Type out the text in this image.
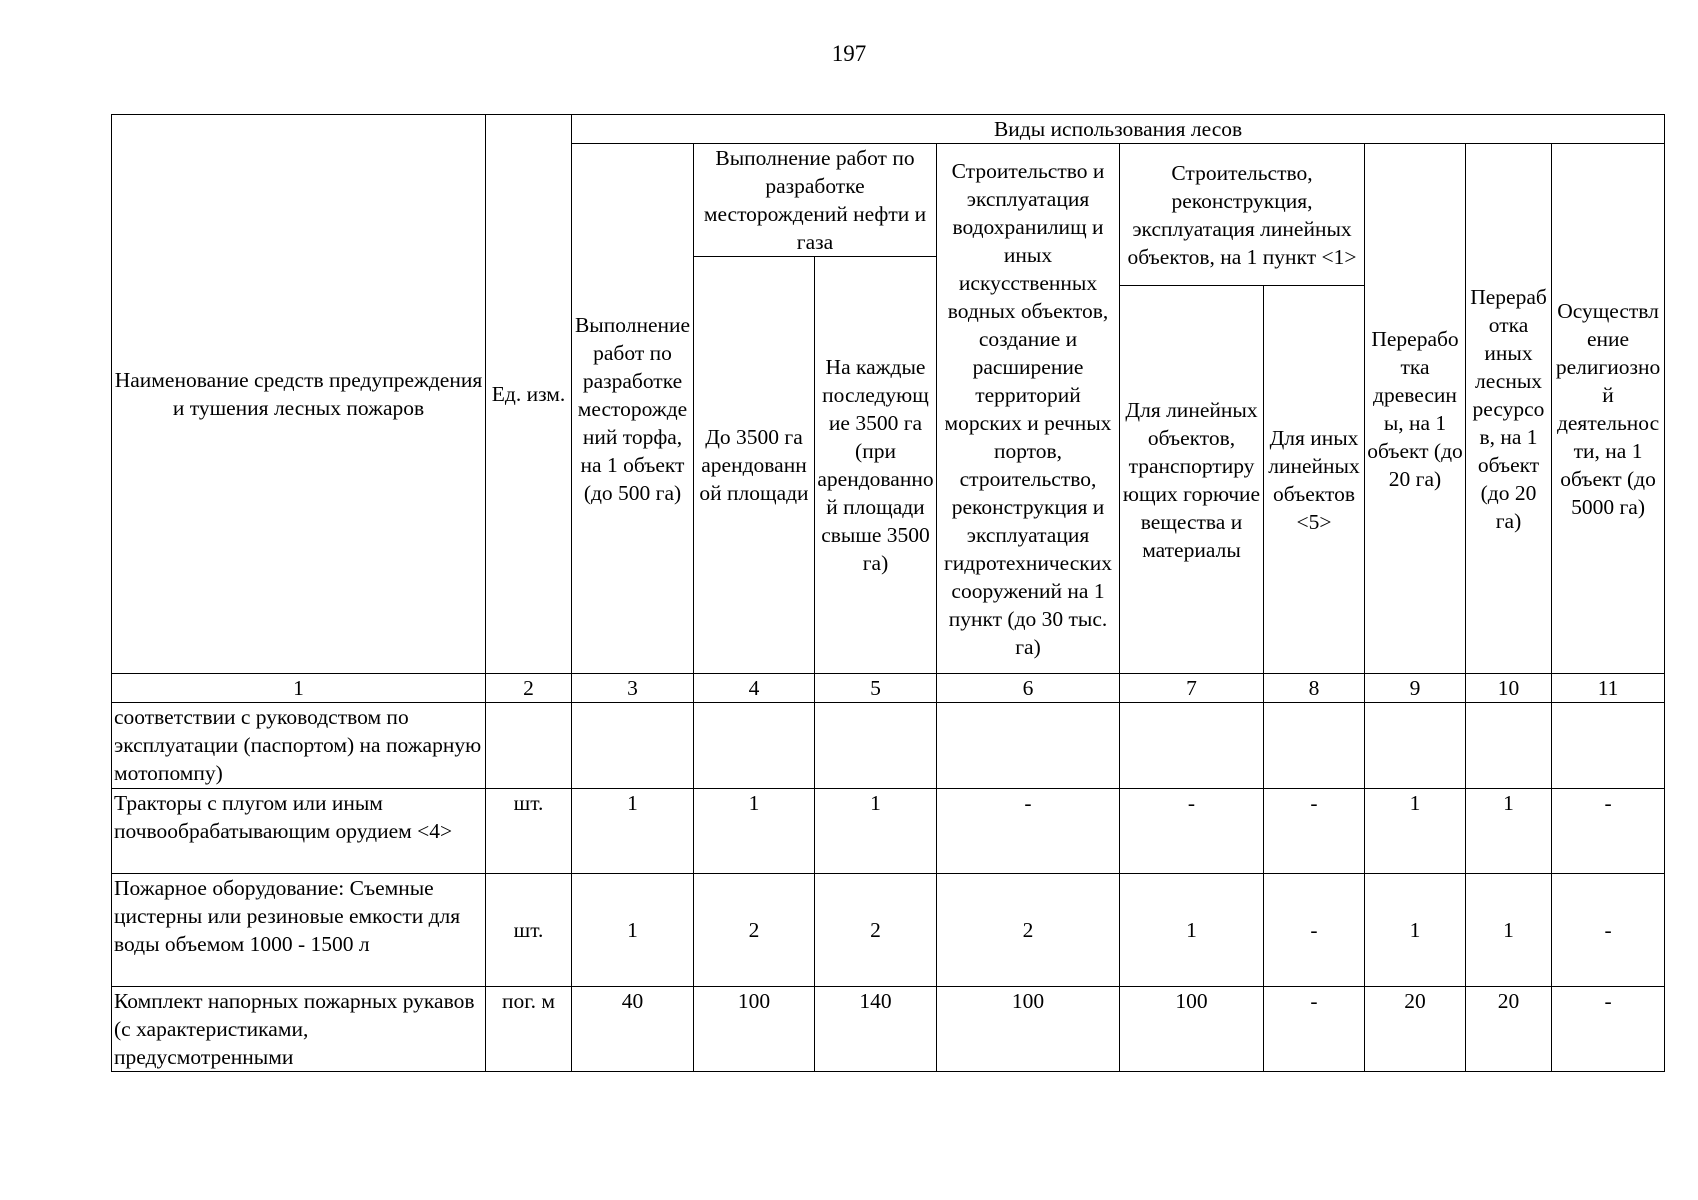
197
Наименование средств предупреждения и тушения лесных пожаров	Ед. изм.	Виды использования лесов								
		Выполнение работ по разработке месторождений торфа, на 1 объект (до 500 га)	Выполнение работ по разработке месторождений нефти и газа		Строительство и эксплуатация водохранилищ и иных искусственных водных объектов, создание и расширение территорий морских и речных портов, строительство, реконструкция и эксплуатация гидротехнических сооружений на 1 пункт (до 30 тыс. га)	Строительство, реконструкция, эксплуатация линейных объектов, на 1 пункт <1>		Переработка древесины, на 1 объект (до 20 га)	Переработка иных лесных ресурсов, на 1 объект (до 20 га)	Осуществление религиозной деятельности, на 1 объект (до 5000 га)
			До 3500 га арендованной площади	На каждые последующие 3500 га (при арендованной площади свыше 3500 га)						
						Для линейных объектов, транспортирующих горючие вещества и материалы	Для иных линейных объектов <5>			
1	2	3	4	5	6	7	8	9	10	11
соответствии с руководством по эксплуатации (паспортом) на пожарную мотопомпу)										
Тракторы с плугом или иным почвообрабатывающим орудием <4>	шт.	1	1	1	-	-	-	1	1	-
Пожарное оборудование: Съемные цистерны или резиновые емкости для воды объемом 1000 - 1500 л	шт.	1	2	2	2	1	-	1	1	-
Комплект напорных пожарных рукавов (с характеристиками, предусмотренными	пог. м	40	100	140	100	100	-	20	20	-
